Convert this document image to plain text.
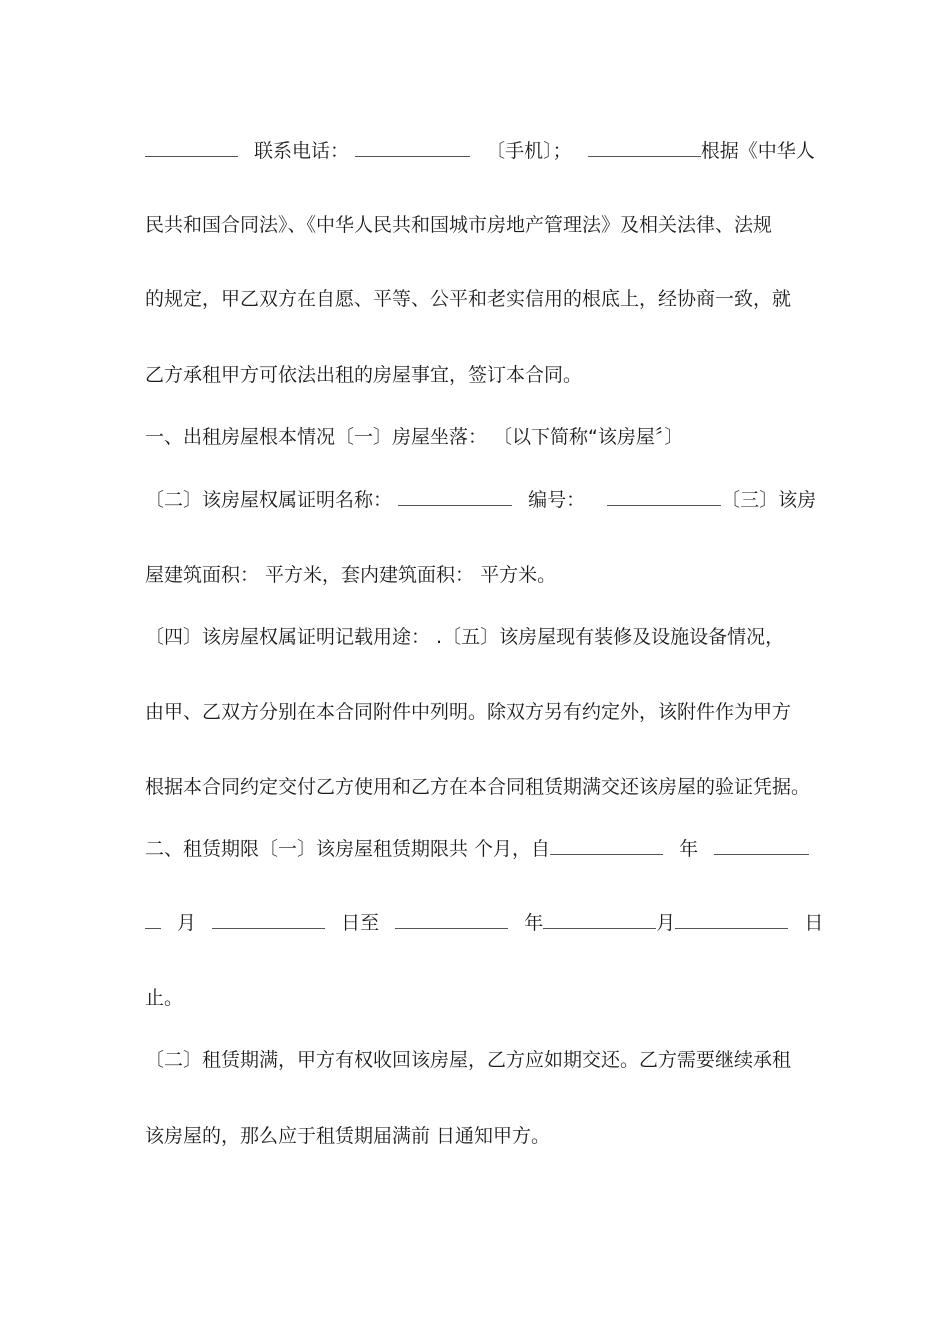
联系电话：	〔手机〕；	根据《中华人
民共和国合同法》、《中华人民共和国城市房地产管理法》及相关法律、法规
的规定，甲乙双方在自愿、平等、公平和老实信用的根底上，经协商一致，就
乙方承租甲方可依法出租的房屋事宜，签订本合同。
一、出租房屋根本情况〔一〕房屋坐落： 〔以下简称“该房屋〞〕
〔二〕该房屋权属证明名称：	编号：	〔三〕该房
屋建筑面积： 平方米，套内建筑面积： 平方米。
〔四〕该房屋权属证明记载用途： .〔五〕该房屋现有装修及设施设备情况，
由甲、乙双方分别在本合同附件中列明。除双方另有约定外，该附件作为甲方
根据本合同约定交付乙方使用和乙方在本合同租赁期满交还该房屋的验证凭据。
二、租赁期限〔一〕该房屋租赁期限共 个月，自	年
月	日至	年	月	日
止。
〔二〕租赁期满，甲方有权收回该房屋，乙方应如期交还。乙方需要继续承租
该房屋的，那么应于租赁期届满前 日通知甲方。
